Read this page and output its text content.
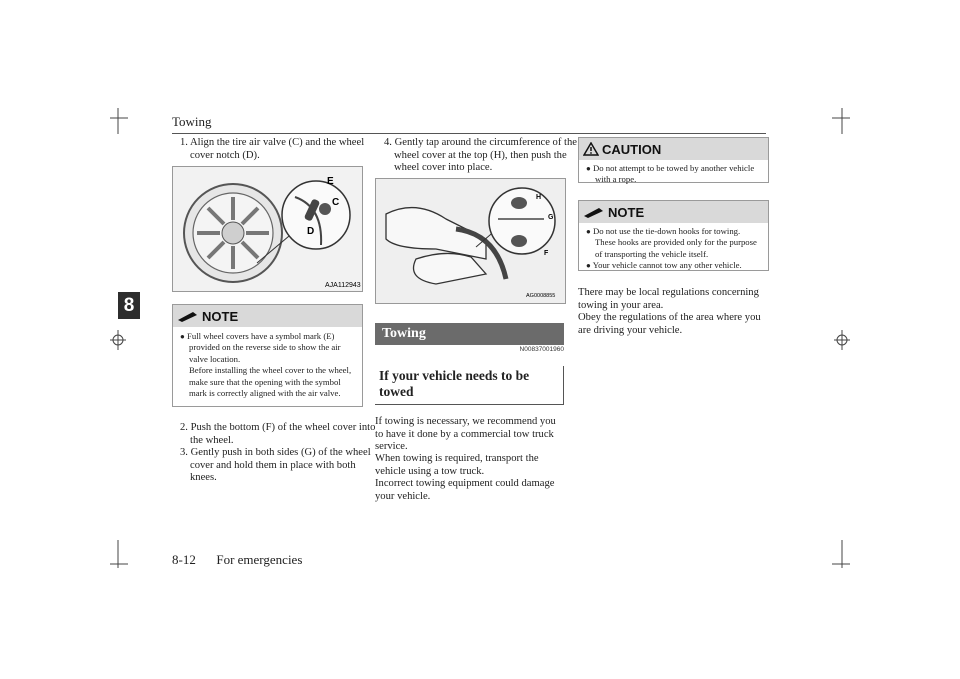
Towing
8
1. Align the tire air valve (C) and the wheel cover notch (D).
E
C
D
AJA112943
NOTE
● Full wheel covers have a symbol mark (E) provided on the reverse side to show the air valve location.
Before installing the wheel cover to the wheel, make sure that the opening with the symbol mark is correctly aligned with the air valve.
2. Push the bottom (F) of the wheel cover into the wheel.
3. Gently push in both sides (G) of the wheel cover and hold them in place with both knees.
4. Gently tap around the circumference of the wheel cover at the top (H), then push the wheel cover into place.
H
G
F
AG0008855
Towing
If your vehicle needs to be towed
N00837001960
If towing is necessary, we recommend you to have it done by a commercial tow truck service.
When towing is required, transport the vehicle using a tow truck.
Incorrect towing equipment could damage your vehicle.
CAUTION
● Do not attempt to be towed by another vehicle with a rope.
NOTE
● Do not use the tie-down hooks for towing. These hooks are provided only for the purpose of transporting the vehicle itself.
● Your vehicle cannot tow any other vehicle.
There may be local regulations concerning towing in your area.
Obey the regulations of the area where you are driving your vehicle.
8-12 For emergencies
